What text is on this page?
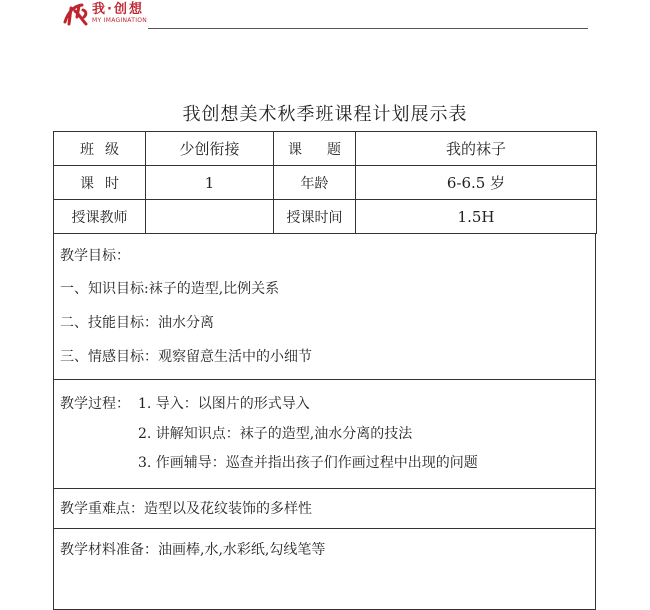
我·创想
MY IMAGINATION
我创想美术秋季班课程计划展示表
班 级	少创衔接	课 题	我的袜子

课 时	1	年龄	6-6.5 岁
授课教师		授课时间	1.5H

教学目标：

一、知识目标:袜子的造型,比例关系

二、技能目标：油水分离

三、情感目标：观察留意生活中的小细节

教学过程： 1. 导入：以图片的形式导入

2. 讲解知识点：袜子的造型,油水分离的技法

3. 作画辅导：巡查并指出孩子们作画过程中出现的问题

教学重难点：造型以及花纹装饰的多样性

教学材料准备：油画棒,水,水彩纸,勾线笔等
